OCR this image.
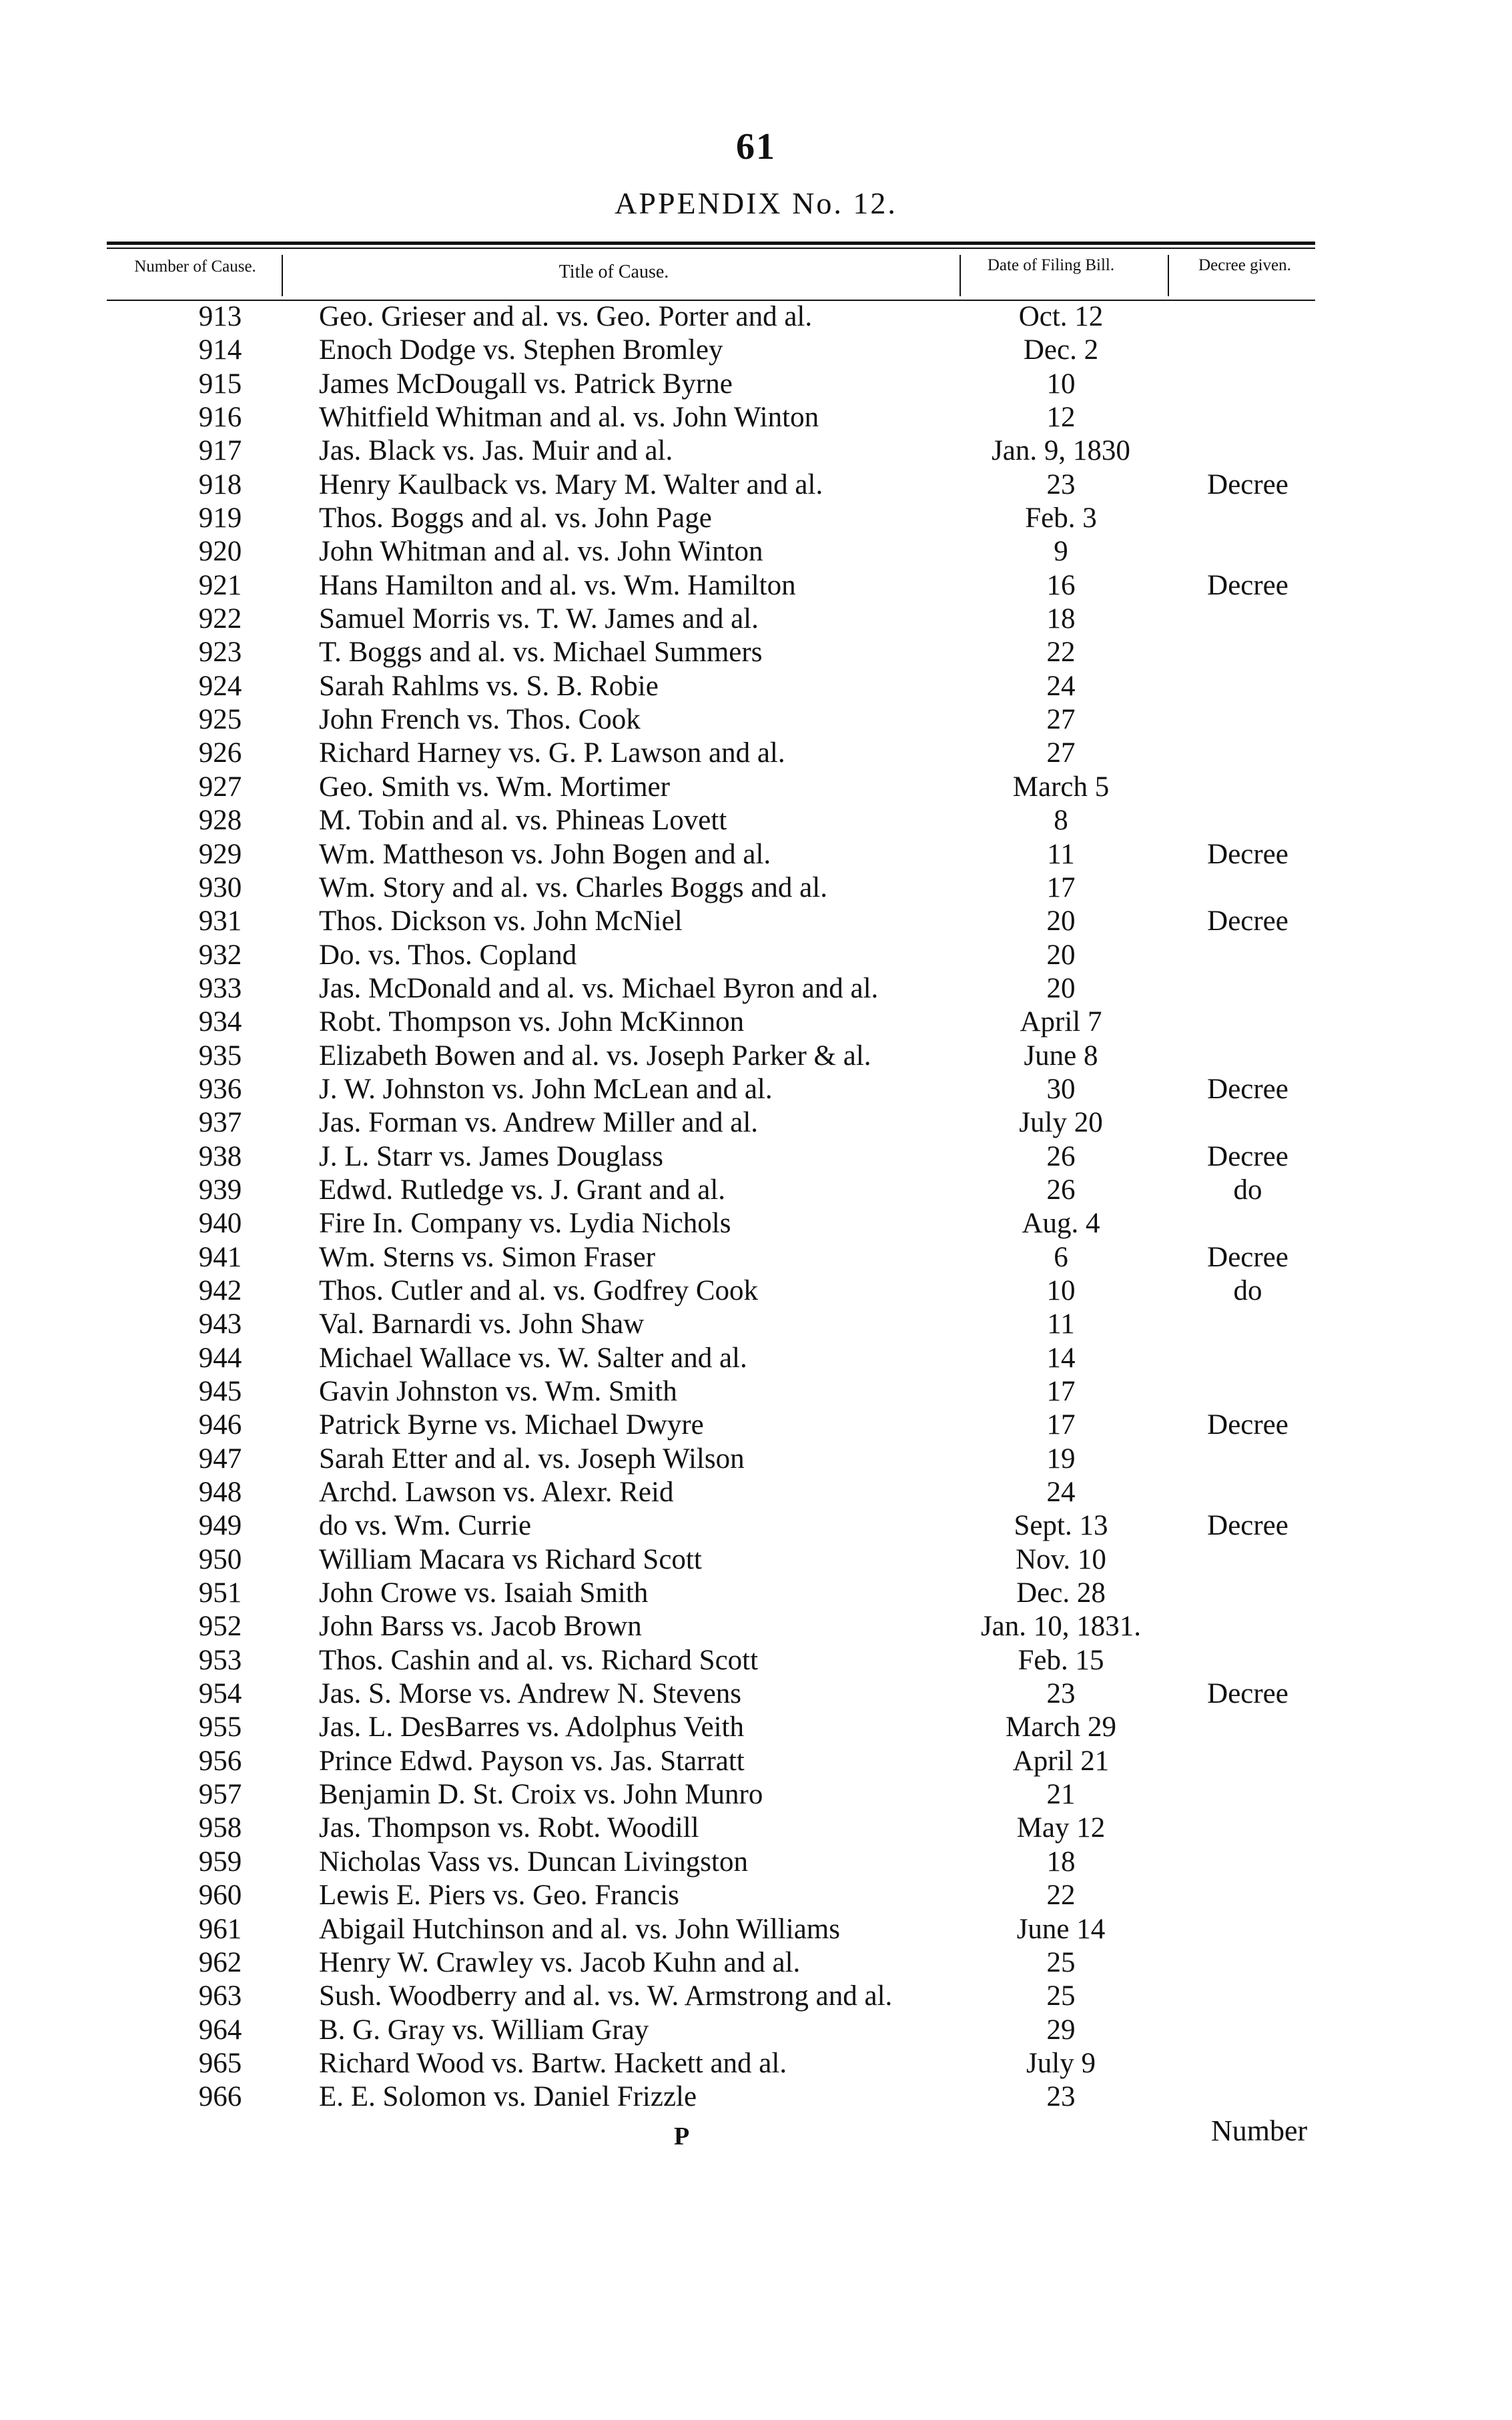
61
APPENDIX No. 12.
Number of Cause.	Title of Cause.	Date of Filing Bill.	Decree given.
913	Geo. Grieser and al. vs. Geo. Porter and al.	Oct. 12
914	Enoch Dodge vs. Stephen Bromley	Dec. 2
915	James McDougall vs. Patrick Byrne	10
916	Whitfield Whitman and al. vs. John Winton	12
917	Jas. Black vs. Jas. Muir and al.	Jan. 9, 1830
918	Henry Kaulback vs. Mary M. Walter and al.	23	Decree
919	Thos. Boggs and al. vs. John Page	Feb. 3
920	John Whitman and al. vs. John Winton	9
921	Hans Hamilton and al. vs. Wm. Hamilton	16	Decree
922	Samuel Morris vs. T. W. James and al.	18
923	T. Boggs and al. vs. Michael Summers	22
924	Sarah Rahlms vs. S. B. Robie	24
925	John French vs. Thos. Cook	27
926	Richard Harney vs. G. P. Lawson and al.	27
927	Geo. Smith vs. Wm. Mortimer	March 5
928	M. Tobin and al. vs. Phineas Lovett	8
929	Wm. Mattheson vs. John Bogen and al.	11	Decree
930	Wm. Story and al. vs. Charles Boggs and al.	17
931	Thos. Dickson vs. John McNiel	20	Decree
932	Do. vs. Thos. Copland	20
933	Jas. McDonald and al. vs. Michael Byron and al.	20
934	Robt. Thompson vs. John McKinnon	April 7
935	Elizabeth Bowen and al. vs. Joseph Parker & al.	June 8
936	J. W. Johnston vs. John McLean and al.	30	Decree
937	Jas. Forman vs. Andrew Miller and al.	July 20
938	J. L. Starr vs. James Douglass	26	Decree
939	Edwd. Rutledge vs. J. Grant and al.	26	do
940	Fire In. Company vs. Lydia Nichols	Aug. 4
941	Wm. Sterns vs. Simon Fraser	6	Decree
942	Thos. Cutler and al. vs. Godfrey Cook	10	do
943	Val. Barnardi vs. John Shaw	11
944	Michael Wallace vs. W. Salter and al.	14
945	Gavin Johnston vs. Wm. Smith	17
946	Patrick Byrne vs. Michael Dwyre	17	Decree
947	Sarah Etter and al. vs. Joseph Wilson	19
948	Archd. Lawson vs. Alexr. Reid	24
949	do vs. Wm. Currie	Sept. 13	Decree
950	William Macara vs Richard Scott	Nov. 10
951	John Crowe vs. Isaiah Smith	Dec. 28
952	John Barss vs. Jacob Brown	Jan. 10, 1831.
953	Thos. Cashin and al. vs. Richard Scott	Feb. 15
954	Jas. S. Morse vs. Andrew N. Stevens	23	Decree
955	Jas. L. DesBarres vs. Adolphus Veith	March 29
956	Prince Edwd. Payson vs. Jas. Starratt	April 21
957	Benjamin D. St. Croix vs. John Munro	21
958	Jas. Thompson vs. Robt. Woodill	May 12
959	Nicholas Vass vs. Duncan Livingston	18
960	Lewis E. Piers vs. Geo. Francis	22
961	Abigail Hutchinson and al. vs. John Williams	June 14
962	Henry W. Crawley vs. Jacob Kuhn and al.	25
963	Sush. Woodberry and al. vs. W. Armstrong and al.	25
964	B. G. Gray vs. William Gray	29
965	Richard Wood vs. Bartw. Hackett and al.	July 9
966	E. E. Solomon vs. Daniel Frizzle	23
P	Number
